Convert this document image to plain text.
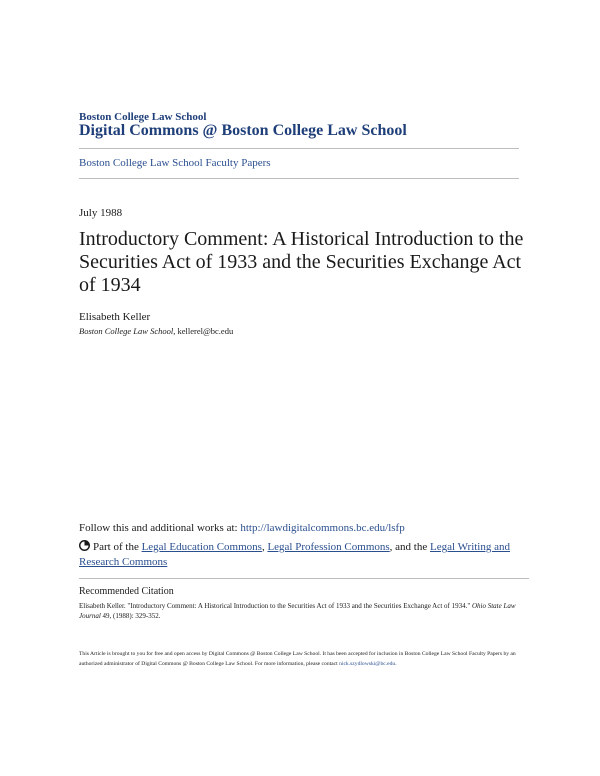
Boston College Law School
Digital Commons @ Boston College Law School
Boston College Law School Faculty Papers
July 1988
Introductory Comment: A Historical Introduction to the Securities Act of 1933 and the Securities Exchange Act of 1934
Elisabeth Keller
Boston College Law School, kellerel@bc.edu
Follow this and additional works at: http://lawdigitalcommons.bc.edu/lsfp
Part of the Legal Education Commons, Legal Profession Commons, and the Legal Writing and Research Commons
Recommended Citation
Elisabeth Keller. "Introductory Comment: A Historical Introduction to the Securities Act of 1933 and the Securities Exchange Act of 1934." Ohio State Law Journal 49, (1988): 329-352.
This Article is brought to you for free and open access by Digital Commons @ Boston College Law School. It has been accepted for inclusion in Boston College Law School Faculty Papers by an authorized administrator of Digital Commons @ Boston College Law School. For more information, please contact nick.szydlowski@bc.edu.
